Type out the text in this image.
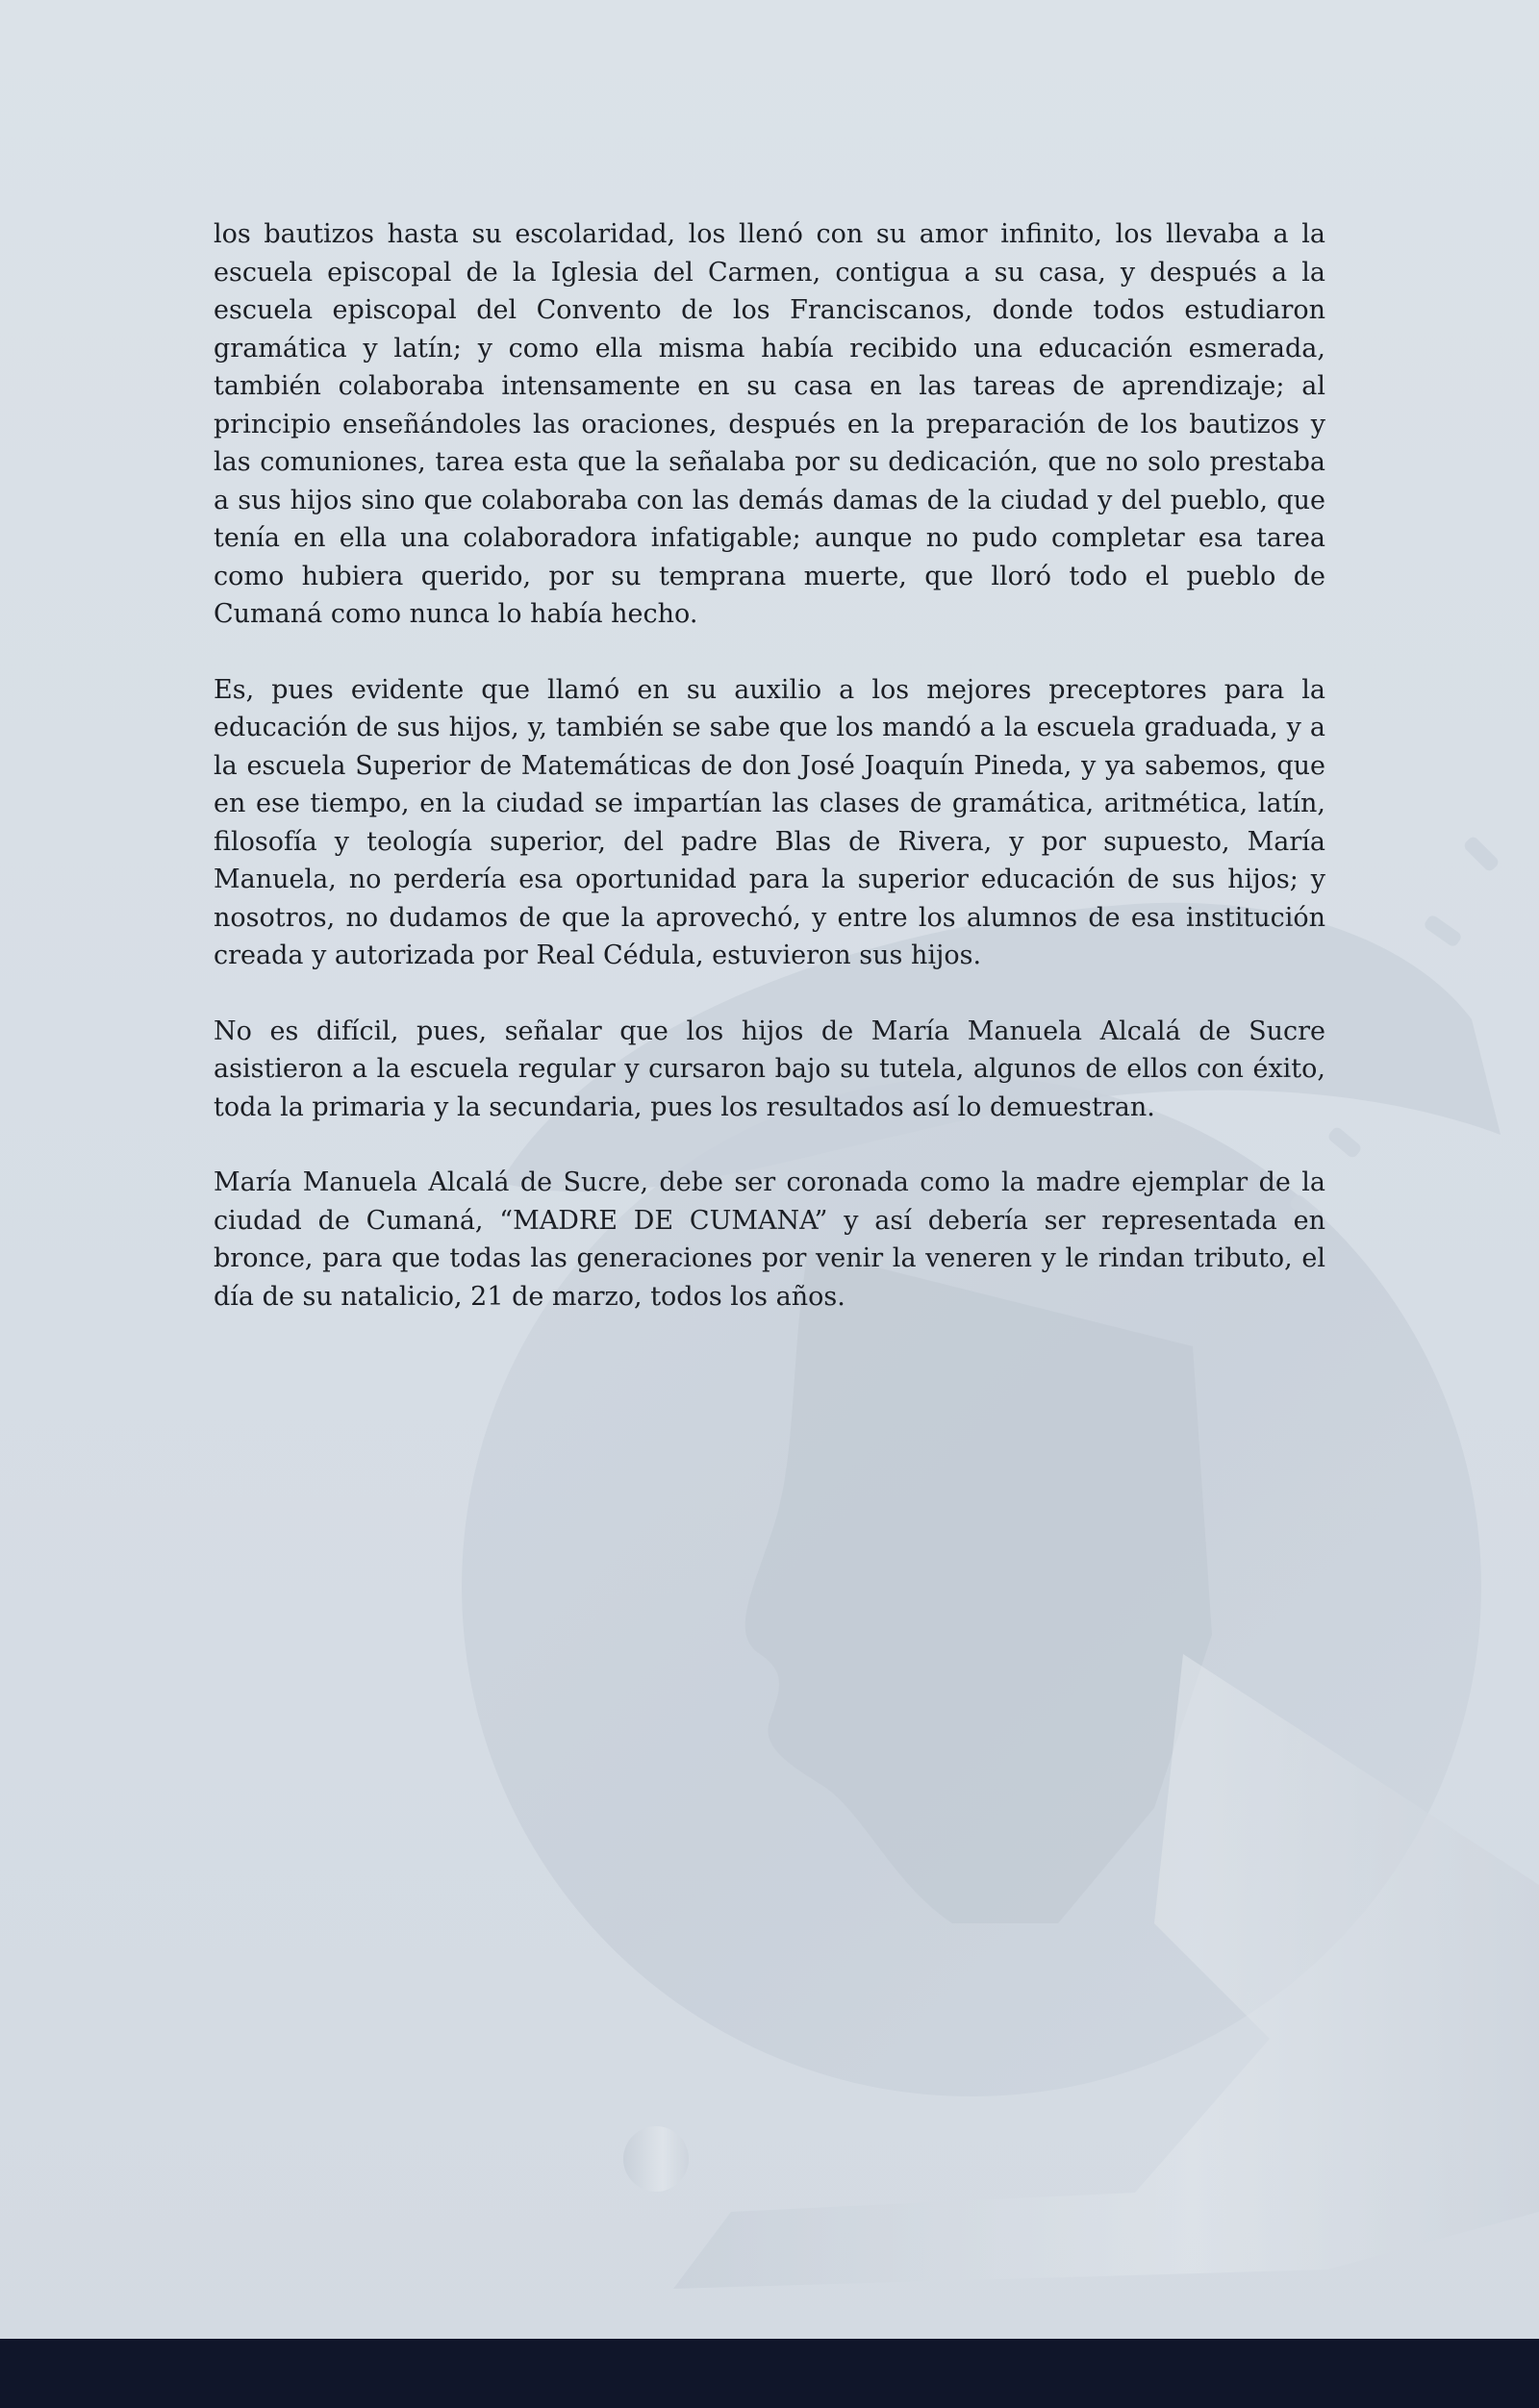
los bautizos hasta su escolaridad, los llenó con su amor infinito, los llevaba a la escuela episcopal de la Iglesia del Carmen, contigua a su casa, y después a la escuela episcopal del Convento de los Franciscanos, donde todos estudiaron gramática y latín; y como ella misma había recibido una educación esmerada, también colaboraba intensamente en su casa en las tareas de aprendizaje; al principio enseñándoles las oraciones, después en la preparación de los bautizos y las comuniones, tarea esta que la señalaba por su dedicación, que no solo prestaba a sus hijos sino que colaboraba con las demás damas de la ciudad y del pueblo, que tenía en ella una colaboradora infatigable; aunque no pudo completar esa tarea como hubiera querido, por su temprana muerte, que lloró todo el pueblo de Cumaná como nunca lo había hecho.

Es, pues evidente que llamó en su auxilio a los mejores preceptores para la educación de sus hijos, y, también se sabe que los mandó a la escuela graduada, y a la escuela Superior de Matemáticas de don José Joaquín Pineda, y ya sabemos, que en ese tiempo, en la ciudad se impartían las clases de gramática, aritmética, latín, filosofía y teología superior, del padre Blas de Rivera, y por supuesto, María Manuela, no perdería esa oportunidad para la superior educación de sus hijos; y nosotros, no dudamos de que la aprovechó, y entre los alumnos de esa institución creada y autorizada por Real Cédula, estuvieron sus hijos.

No es difícil, pues, señalar que los hijos de María Manuela Alcalá de Sucre asistieron a la escuela regular y cursaron bajo su tutela, algunos de ellos con éxito, toda la primaria y la secundaria, pues los resultados así lo demuestran.

María Manuela Alcalá de Sucre, debe ser coronada como la madre ejemplar de la ciudad de Cumaná, “MADRE DE CUMANA” y así debería ser representada en bronce, para que todas las generaciones por venir la veneren y le rindan tributo, el día de su natalicio, 21 de marzo, todos los años.
